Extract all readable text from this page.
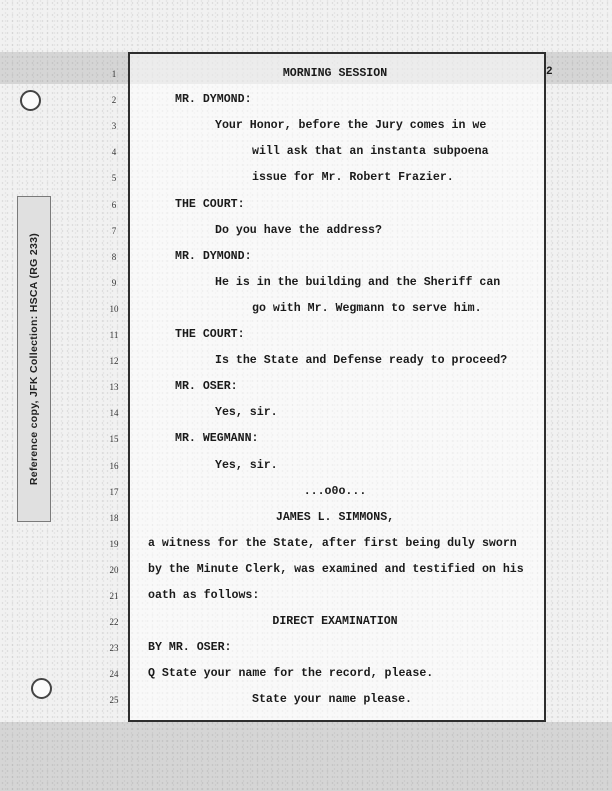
Reference copy, JFK Collection: HSCA (RG 233)
2
1	MORNING SESSION
2	MR. DYMOND:
3	Your Honor, before the Jury comes in we
4	will ask that an instanta subpoena
5	issue for Mr. Robert Frazier.
6	THE COURT:
7	Do you have the address?
8	MR. DYMOND:
9	He is in the building and the Sheriff can
10	go with Mr. Wegmann to serve him.
11	THE COURT:
12	Is the State and Defense ready to proceed?
13	MR. OSER:
14	Yes, sir.
15	MR. WEGMANN:
16	Yes, sir.
17	...o0o...
18	JAMES L. SIMMONS,
19	a witness for the State, after first being duly sworn
20	by the Minute Clerk, was examined and testified on his
21	oath as follows:
22	DIRECT EXAMINATION
23	BY MR. OSER:
24	Q State your name for the record, please.
25	State your name please.
